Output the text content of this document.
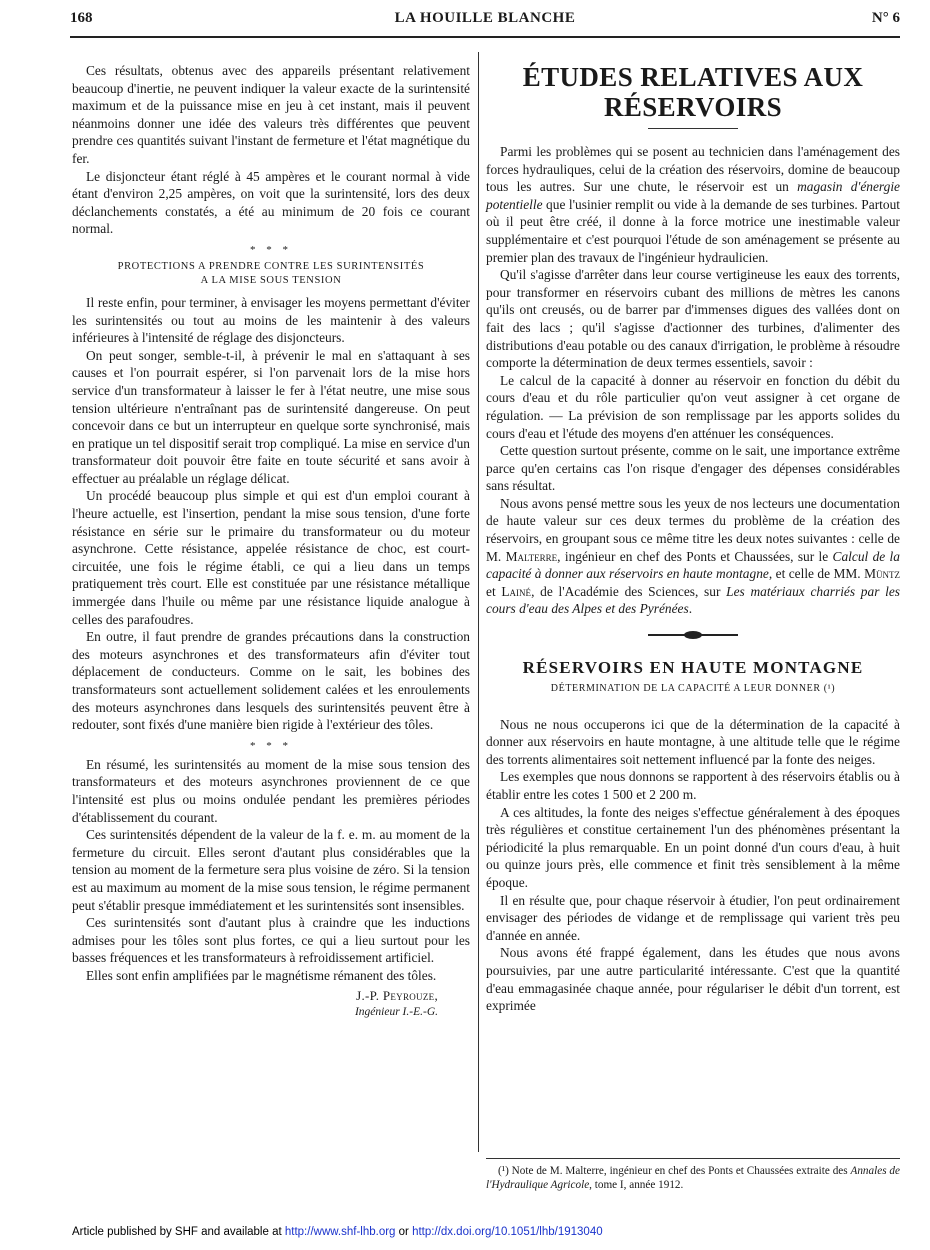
168	LA HOUILLE BLANCHE	N° 6

Ces résultats, obtenus avec des appareils présentant relativement beaucoup d'inertie, ne peuvent indiquer la valeur exacte de la surintensité maximum et de la puissance mise en jeu à cet instant, mais il peuvent néanmoins donner une idée des valeurs très différentes que peuvent prendre ces quantités suivant l'instant de fermeture et l'état magnétique du fer.

Le disjoncteur étant réglé à 45 ampères et le courant normal à vide étant d'environ 2,25 ampères, on voit que la surintensité, lors des deux déclanchements constatés, a été au minimum de 20 fois ce courant normal.

* * *
PROTECTIONS A PRENDRE CONTRE LES SURINTENSITÉS
A LA MISE SOUS TENSION

Il reste enfin, pour terminer, à envisager les moyens permettant d'éviter les surintensités ou tout au moins de les maintenir à des valeurs inférieures à l'intensité de réglage des disjoncteurs.

On peut songer, semble-t-il, à prévenir le mal en s'attaquant à ses causes et l'on pourrait espérer, si l'on parvenait lors de la mise hors service d'un transformateur à laisser le fer à l'état neutre, une mise sous tension ultérieure n'entraînant pas de surintensité dangereuse. On peut concevoir dans ce but un interrupteur en quelque sorte synchronisé, mais en pratique un tel dispositif serait trop compliqué. La mise en service d'un transformateur doit pouvoir être faite en toute sécurité et sans avoir à effectuer au préalable un réglage délicat.

Un procédé beaucoup plus simple et qui est d'un emploi courant à l'heure actuelle, est l'insertion, pendant la mise sous tension, d'une forte résistance en série sur le primaire du transformateur ou du moteur asynchrone. Cette résistance, appelée résistance de choc, est court-circuitée, une fois le régime établi, ce qui a lieu dans un temps pratiquement très court. Elle est constituée par une résistance métallique immergée dans l'huile ou même par une résistance liquide analogue à celles des parafoudres.

En outre, il faut prendre de grandes précautions dans la construction des moteurs asynchrones et des transformateurs afin d'éviter tout déplacement de conducteurs. Comme on le sait, les bobines des transformateurs sont actuellement solidement calées et les enroulements des moteurs asynchrones dans lesquels des surintensités peuvent être à redouter, sont fixés d'une manière bien rigide à l'extérieur des tôles.

* * *

En résumé, les surintensités au moment de la mise sous tension des transformateurs et des moteurs asynchrones proviennent de ce que l'intensité est plus ou moins ondulée pendant les premières périodes d'établissement du courant.

Ces surintensités dépendent de la valeur de la f. e. m. au moment de la fermeture du circuit. Elles seront d'autant plus considérables que la tension au moment de la fermeture sera plus voisine de zéro. Si la tension est au maximum au moment de la mise sous tension, le régime permanent peut s'établir presque immédiatement et les surintensités sont insensibles.

Ces surintensités sont d'autant plus à craindre que les inductions admises pour les tôles sont plus fortes, ce qui a lieu surtout pour les basses fréquences et les transformateurs à refroidissement artificiel.

Elles sont enfin amplifiées par le magnétisme rémanent des tôles.

J.-P. Peyrouze,
Ingénieur I.-E.-G.
ÉTUDES RELATIVES AUX RÉSERVOIRS

Parmi les problèmes qui se posent au technicien dans l'aménagement des forces hydrauliques, celui de la création des réservoirs, domine de beaucoup tous les autres. Sur une chute, le réservoir est un magasin d'énergie potentielle que l'usinier remplit ou vide à la demande de ses turbines. Partout où il peut être créé, il donne à la force motrice une inestimable valeur supplémentaire et c'est pourquoi l'étude de son aménagement se présente au premier plan des travaux de l'ingénieur hydraulicien.

Qu'il s'agisse d'arrêter dans leur course vertigineuse les eaux des torrents, pour transformer en réservoirs cubant des millions de mètres les canons qu'ils ont creusés, ou de barrer par d'immenses digues des vallées dont on fait des lacs ; qu'il s'agisse d'actionner des turbines, d'alimenter des distributions d'eau potable ou des canaux d'irrigation, le problème à résoudre comporte la détermination de deux termes essentiels, savoir :

Le calcul de la capacité à donner au réservoir en fonction du débit du cours d'eau et du rôle particulier qu'on veut assigner à cet organe de régulation. — La prévision de son remplissage par les apports solides du cours d'eau et l'étude des moyens d'en atténuer les conséquences.

Cette question surtout présente, comme on le sait, une importance extrême parce qu'en certains cas l'on risque d'engager des dépenses considérables sans résultat.

Nous avons pensé mettre sous les yeux de nos lecteurs une documentation de haute valeur sur ces deux termes du problème de la création des réservoirs, en groupant sous ce même titre les deux notes suivantes : celle de M. Malterre, ingénieur en chef des Ponts et Chaussées, sur le Calcul de la capacité à donner aux réservoirs en haute montagne, et celle de MM. Müntz et Lainé, de l'Académie des Sciences, sur Les matériaux charriés par les cours d'eau des Alpes et des Pyrénées.

RÉSERVOIRS EN HAUTE MONTAGNE
DÉTERMINATION DE LA CAPACITÉ A LEUR DONNER (¹)

Nous ne nous occuperons ici que de la détermination de la capacité à donner aux réservoirs en haute montagne, à une altitude telle que le régime des torrents alimentaires soit nettement influencé par la fonte des neiges.

Les exemples que nous donnons se rapportent à des réservoirs établis ou à établir entre les cotes 1 500 et 2 200 m.

A ces altitudes, la fonte des neiges s'effectue généralement à des époques très régulières et constitue certainement l'un des phénomènes présentant la périodicité la plus remarquable. En un point donné d'un cours d'eau, à huit ou quinze jours près, elle commence et finit très sensiblement à la même époque.

Il en résulte que, pour chaque réservoir à étudier, l'on peut ordinairement envisager des périodes de vidange et de remplissage qui varient très peu d'année en année.

Nous avons été frappé également, dans les études que nous avons poursuivies, par une autre particularité intéressante. C'est que la quantité d'eau emmagasinée chaque année, pour régulariser le débit d'un torrent, est exprimée

(¹) Note de M. Malterre, ingénieur en chef des Ponts et Chaussées extraite des Annales de l'Hydraulique Agricole, tome I, année 1912.
Article published by SHF and available at http://www.shf-lhb.org or http://dx.doi.org/10.1051/lhb/1913040
